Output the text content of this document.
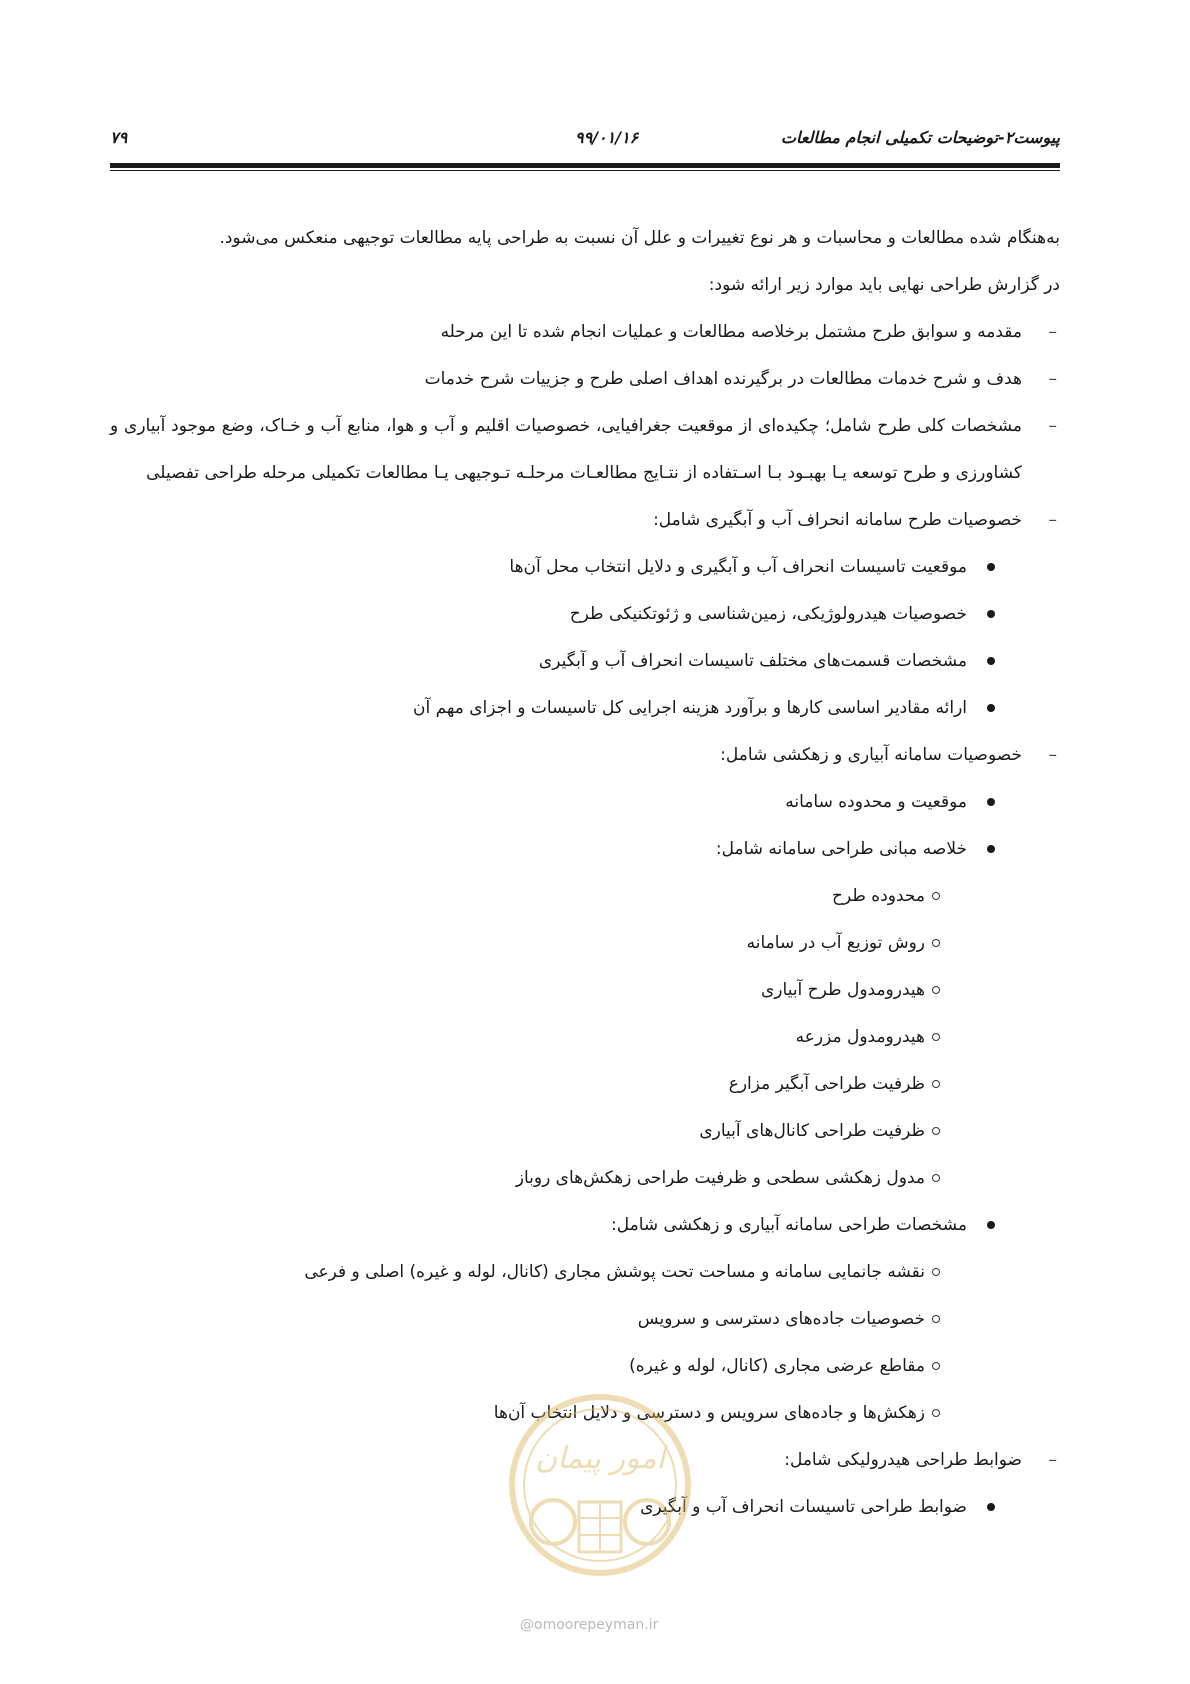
پیوست۲-توضیحات تکمیلی انجام مطالعات
۹۹/۰۱/۱۶
۷۹

به‌هنگام شده مطالعات و محاسبات و هر نوع تغییرات و علل آن نسبت به طراحی پایه مطالعات توجیهی منعکس می‌شود.

در گزارش طراحی نهایی باید موارد زیر ارائه شود:

–
مقدمه و سوابق طرح مشتمل برخلاصه مطالعات و عملیات انجام شده تا این مرحله
–
هدف و شرح خدمات مطالعات در برگیرنده اهداف اصلی طرح و جزییات شرح خدمات
–
مشخصات کلی طرح شامل؛ چکیده‌ای از موقعیت جغرافیایی، خصوصیات اقلیم و آب و هوا، منابع آب و خـاک، وضع موجود آبیاری و کشاورزی و طرح توسعه یـا بهبـود بـا اسـتفاده از نتـایج مطالعـات مرحلـه تـوجیهی یـا مطالعات تکمیلی مرحله طراحی تفصیلی
–
خصوصیات طرح سامانه انحراف آب و آبگیری شامل:
موقعیت تاسیسات انحراف آب و آبگیری و دلایل انتخاب محل آن‌ها
خصوصیات هیدرولوژیکی، زمین‌شناسی و ژئوتکنیکی طرح
مشخصات قسمت‌های مختلف تاسیسات انحراف آب و آبگیری
ارائه مقادیر اساسی کارها و برآورد هزینه اجرایی کل تاسیسات و اجزای مهم آن
–
خصوصیات سامانه آبیاری و زهکشی شامل:
موقعیت و محدوده سامانه
خلاصه مبانی طراحی سامانه شامل:
محدوده طرح
روش توزیع آب در سامانه
هیدرومدول طرح آبیاری
هیدرومدول مزرعه
ظرفیت طراحی آبگیر مزارع
ظرفیت طراحی کانال‌های آبیاری
مدول زهکشی سطحی و ظرفیت طراحی زهکش‌های روباز
مشخصات طراحی سامانه آبیاری و زهکشی شامل:
نقشه جانمایی سامانه و مساحت تحت پوشش مجاری (کانال، لوله و غیره) اصلی و فرعی
خصوصیات جاده‌های دسترسی و سرویس
مقاطع عرضی مجاری (کانال، لوله و غیره)
زهکش‌ها و جاده‌های سرویس و دسترسی و دلایل انتخاب آن‌ها
–
ضوابط طراحی هیدرولیکی شامل:
ضوابط طراحی تاسیسات انحراف آب و آبگیری
امور پیمان
@omoorepeyman.ir
